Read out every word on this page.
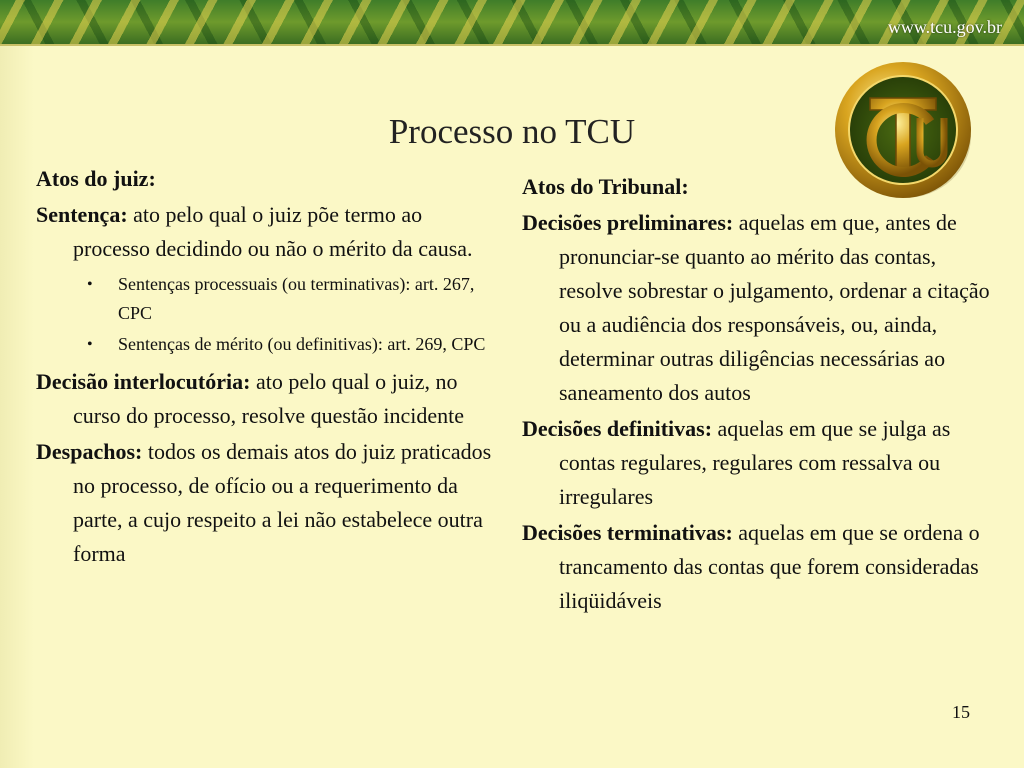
www.tcu.gov.br
Processo no TCU

Atos do juiz:

Sentença: ato pelo qual o juiz põe termo ao processo decidindo ou não o mérito da causa.

• Sentenças processuais (ou terminativas): art. 267, CPC
• Sentenças de mérito (ou definitivas): art. 269, CPC

Decisão interlocutória: ato pelo qual o juiz, no curso do processo, resolve questão incidente

Despachos: todos os demais atos do juiz praticados no processo, de ofício ou a requerimento da parte, a cujo respeito a lei não estabelece outra forma

Atos do Tribunal:

Decisões preliminares: aquelas em que, antes de pronunciar-se quanto ao mérito das contas, resolve sobrestar o julgamento, ordenar a citação ou a audiência dos responsáveis, ou, ainda, determinar outras diligências necessárias ao saneamento dos autos

Decisões definitivas: aquelas em que se julga as contas regulares, regulares com ressalva ou irregulares

Decisões terminativas: aquelas em que se ordena o trancamento das contas que forem consideradas iliqüidáveis

15
